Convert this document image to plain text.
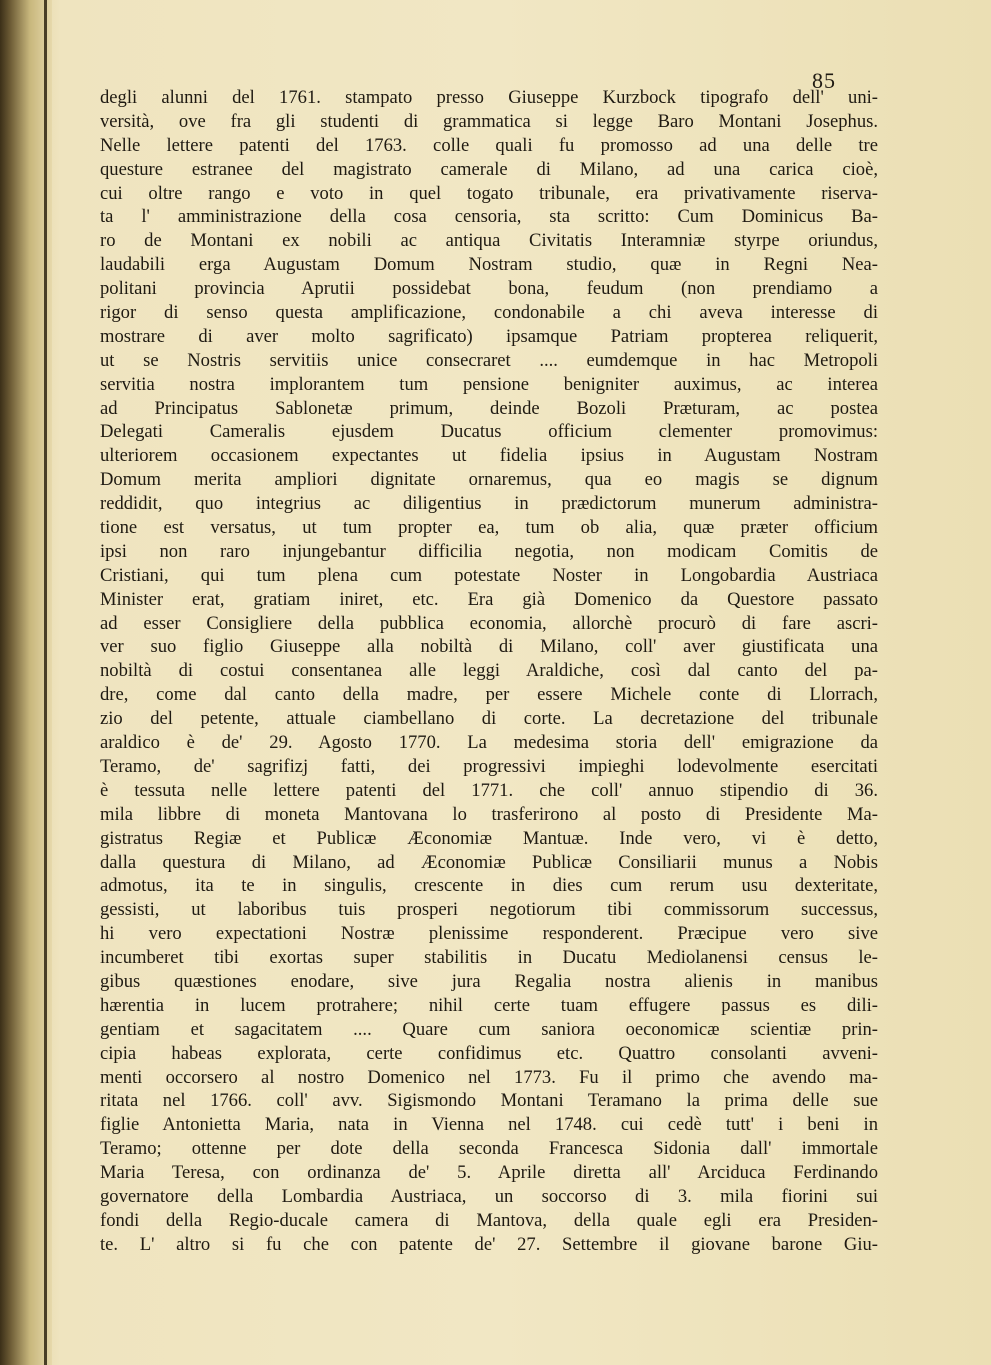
85
degli alunni del 1761. stampato presso Giuseppe Kurzbock tipografo dell' uni-
versità, ove fra gli studenti di grammatica si legge Baro Montani Josephus.
Nelle lettere patenti del 1763. colle quali fu promosso ad una delle tre
questure estranee del magistrato camerale di Milano, ad una carica cioè,
cui oltre rango e voto in quel togato tribunale, era privativamente riserva-
ta l' amministrazione della cosa censoria, sta scritto: Cum Dominicus Ba-
ro de Montani ex nobili ac antiqua Civitatis Interamniæ styrpe oriundus,
laudabili erga Augustam Domum Nostram studio, quæ in Regni Nea-
politani provincia Aprutii possidebat bona, feudum (non prendiamo a
rigor di senso questa amplificazione, condonabile a chi aveva interesse di
mostrare di aver molto sagrificato) ipsamque Patriam propterea reliquerit,
ut se Nostris servitiis unice consecraret .... eumdemque in hac Metropoli
servitia nostra implorantem tum pensione benigniter auximus, ac interea
ad Principatus Sablonetæ primum, deinde Bozoli Præturam, ac postea
Delegati Cameralis ejusdem Ducatus officium clementer promovimus:
ulteriorem occasionem expectantes ut fidelia ipsius in Augustam Nostram
Domum merita ampliori dignitate ornaremus, qua eo magis se dignum
reddidit, quo integrius ac diligentius in prædictorum munerum administra-
tione est versatus, ut tum propter ea, tum ob alia, quæ præter officium
ipsi non raro injungebantur difficilia negotia, non modicam Comitis de
Cristiani, qui tum plena cum potestate Noster in Longobardia Austriaca
Minister erat, gratiam iniret, etc. Era già Domenico da Questore passato
ad esser Consigliere della pubblica economia, allorchè procurò di fare ascri-
ver suo figlio Giuseppe alla nobiltà di Milano, coll' aver giustificata una
nobiltà di costui consentanea alle leggi Araldiche, così dal canto del pa-
dre, come dal canto della madre, per essere Michele conte di Llorrach,
zio del petente, attuale ciambellano di corte. La decretazione del tribunale
araldico è de' 29. Agosto 1770. La medesima storia dell' emigrazione da
Teramo, de' sagrifizj fatti, dei progressivi impieghi lodevolmente esercitati
è tessuta nelle lettere patenti del 1771. che coll' annuo stipendio di 36.
mila libbre di moneta Mantovana lo trasferirono al posto di Presidente Ma-
gistratus Regiæ et Publicæ Æconomiæ Mantuæ. Inde vero, vi è detto,
dalla questura di Milano, ad Æconomiæ Publicæ Consiliarii munus a Nobis
admotus, ita te in singulis, crescente in dies cum rerum usu dexteritate,
gessisti, ut laboribus tuis prosperi negotiorum tibi commissorum successus,
hi vero expectationi Nostræ plenissime responderent. Præcipue vero sive
incumberet tibi exortas super stabilitis in Ducatu Mediolanensi census le-
gibus quæstiones enodare, sive jura Regalia nostra alienis in manibus
hærentia in lucem protrahere; nihil certe tuam effugere passus es dili-
gentiam et sagacitatem .... Quare cum saniora oeconomicæ scientiæ prin-
cipia habeas explorata, certe confidimus etc. Quattro consolanti avveni-
menti occorsero al nostro Domenico nel 1773. Fu il primo che avendo ma-
ritata nel 1766. coll' avv. Sigismondo Montani Teramano la prima delle sue
figlie Antonietta Maria, nata in Vienna nel 1748. cui cedè tutt' i beni in
Teramo; ottenne per dote della seconda Francesca Sidonia dall' immortale
Maria Teresa, con ordinanza de' 5. Aprile diretta all' Arciduca Ferdinando
governatore della Lombardia Austriaca, un soccorso di 3. mila fiorini sui
fondi della Regio-ducale camera di Mantova, della quale egli era Presiden-
te. L' altro si fu che con patente de' 27. Settembre il giovane barone Giu-
